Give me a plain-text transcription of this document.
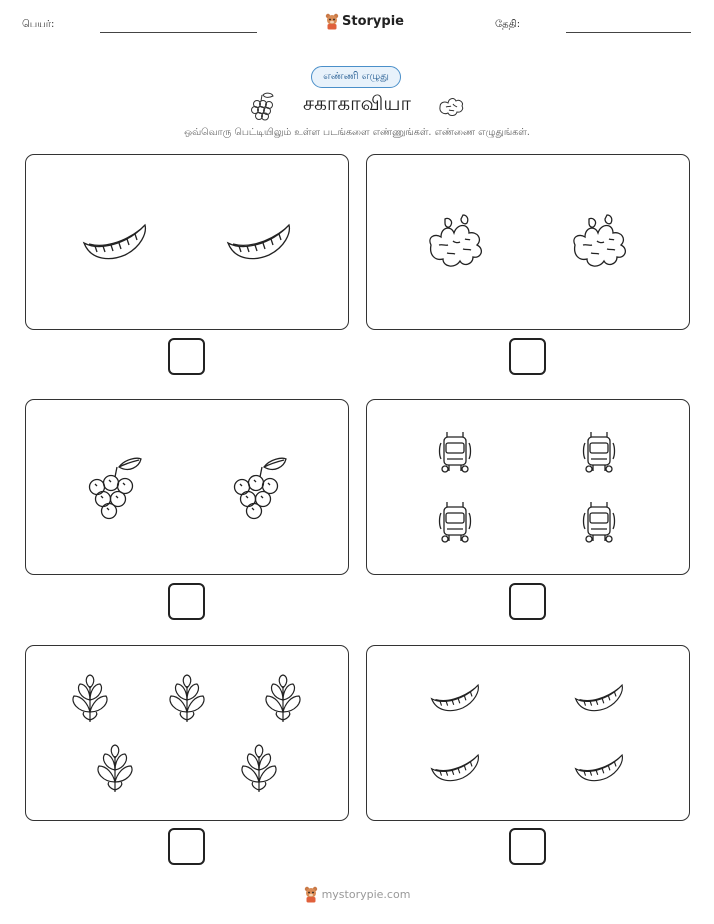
பெயர்:	Storypie	தேதி:
எண்ணி எழுது
சகாகாவியா
ஒவ்வொரு பெட்டியிலும் உள்ள படங்களை எண்ணுங்கள். எண்ணை எழுதுங்கள்.
mystorypie.com
